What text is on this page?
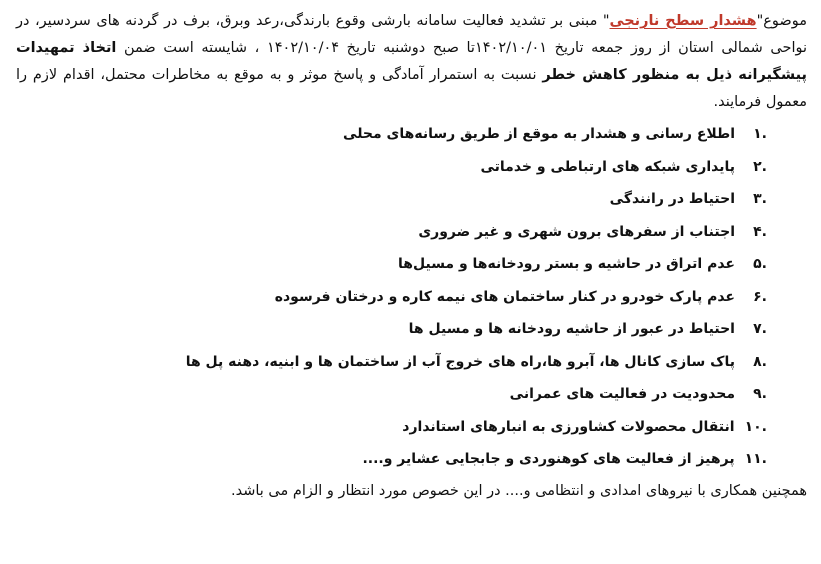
موضوع"هشدار سطح نارنجی" مبنی بر تشدید فعالیت سامانه بارشی وقوع بارندگی،رعد وبرق، برف در گردنه های سردسیر، در نواحی شمالی استان از روز جمعه تاریخ ۱۴۰۲/۱۰/۰۱تا صبح دوشنبه تاریخ ۱۴۰۲/۱۰/۰۴ ، شایسته است ضمن اتخاذ تمهیدات پیشگیرانه ذیل به منظور کاهش خطر نسبت به استمرار آمادگی و پاسخ موثر و به موقع به مخاطرات محتمل، اقدام لازم را معمول فرمایند.

.۱
اطلاع رسانی و هشدار به موقع از طریق رسانه‌های محلی
.۲
پایداری شبکه های ارتباطی و خدماتی
.۳
احتیاط در رانندگی
.۴
اجتناب از سفرهای برون شهری و غیر ضروری
.۵
عدم اتراق در حاشیه و بستر رودخانه‌ها و مسیل‌ها
.۶
عدم پارک خودرو در کنار ساختمان های نیمه کاره و درختان فرسوده
.۷
احتیاط در عبور از حاشیه رودخانه ها و مسیل ها
.۸
پاک سازی کانال ها، آبرو ها،راه های خروج آب از ساختمان ها و ابنیه، دهنه پل ها
.۹
محدودیت در فعالیت های عمرانی
.۱۰
انتقال محصولات کشاورزی به انبارهای استاندارد
.۱۱
پرهیز از فعالیت های کوهنوردی و جابجایی عشایر و....

همچنین همکاری با نیروهای امدادی و انتظامی و.... در این خصوص مورد انتظار و الزام می باشد.
